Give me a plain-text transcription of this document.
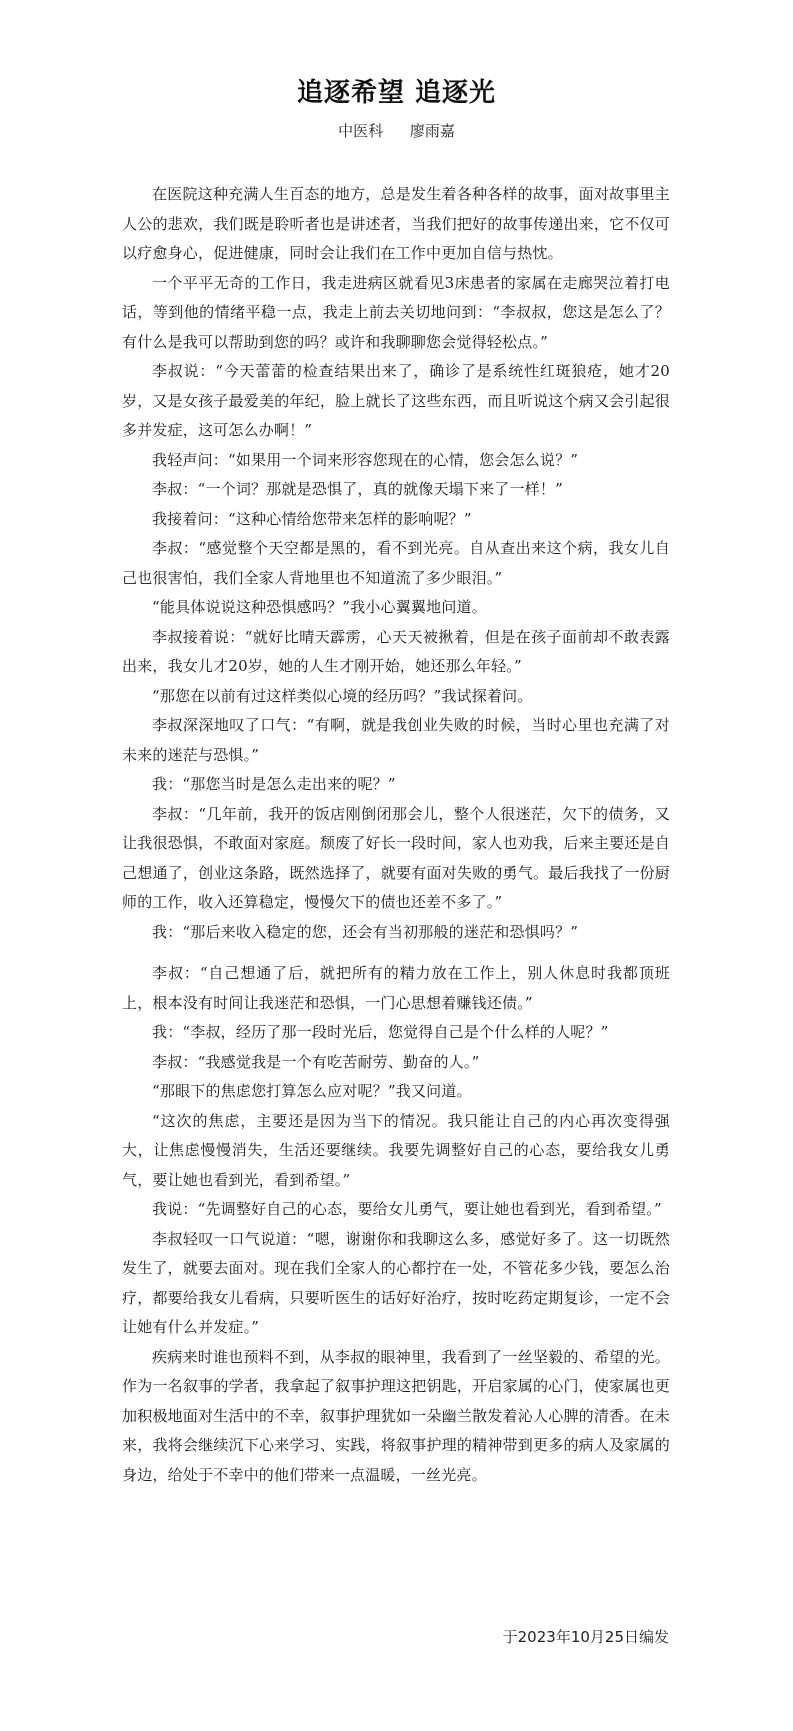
追逐希望 追逐光
中医科 廖雨嘉

在医院这种充满人生百态的地方，总是发生着各种各样的故事，面对故事里主人公的悲欢，我们既是聆听者也是讲述者，当我们把好的故事传递出来，它不仅可以疗愈身心，促进健康，同时会让我们在工作中更加自信与热忱。

一个平平无奇的工作日，我走进病区就看见3床患者的家属在走廊哭泣着打电话，等到他的情绪平稳一点，我走上前去关切地问到：“李叔叔，您这是怎么了？有什么是我可以帮助到您的吗？或许和我聊聊您会觉得轻松点。”

李叔说：“今天蕾蕾的检查结果出来了，确诊了是系统性红斑狼疮，她才20岁，又是女孩子最爱美的年纪，脸上就长了这些东西，而且听说这个病又会引起很多并发症，这可怎么办啊！”

我轻声问：“如果用一个词来形容您现在的心情，您会怎么说？”

李叔：“一个词？那就是恐惧了，真的就像天塌下来了一样！”

我接着问：“这种心情给您带来怎样的影响呢？”

李叔：“感觉整个天空都是黑的，看不到光亮。自从查出来这个病，我女儿自己也很害怕，我们全家人背地里也不知道流了多少眼泪。”

“能具体说说这种恐惧感吗？”我小心翼翼地问道。

李叔接着说：“就好比晴天霹雳，心天天被揪着，但是在孩子面前却不敢表露出来，我女儿才20岁，她的人生才刚开始，她还那么年轻。”

“那您在以前有过这样类似心境的经历吗？”我试探着问。

李叔深深地叹了口气：“有啊，就是我创业失败的时候，当时心里也充满了对未来的迷茫与恐惧。”

我：“那您当时是怎么走出来的呢？”

李叔：“几年前，我开的饭店刚倒闭那会儿，整个人很迷茫，欠下的债务，又让我很恐惧，不敢面对家庭。颓废了好长一段时间，家人也劝我，后来主要还是自己想通了，创业这条路，既然选择了，就要有面对失败的勇气。最后我找了一份厨师的工作，收入还算稳定，慢慢欠下的债也还差不多了。”

我：“那后来收入稳定的您，还会有当初那般的迷茫和恐惧吗？”

李叔：“自己想通了后，就把所有的精力放在工作上，别人休息时我都顶班上，根本没有时间让我迷茫和恐惧，一门心思想着赚钱还债。”

我：“李叔，经历了那一段时光后，您觉得自己是个什么样的人呢？”

李叔：“我感觉我是一个有吃苦耐劳、勤奋的人。”

“那眼下的焦虑您打算怎么应对呢？”我又问道。

“这次的焦虑，主要还是因为当下的情况。我只能让自己的内心再次变得强大，让焦虑慢慢消失，生活还要继续。我要先调整好自己的心态，要给我女儿勇气，要让她也看到光，看到希望。”

我说：“先调整好自己的心态，要给女儿勇气，要让她也看到光，看到希望。”

李叔轻叹一口气说道：“嗯，谢谢你和我聊这么多，感觉好多了。这一切既然发生了，就要去面对。现在我们全家人的心都拧在一处，不管花多少钱，要怎么治疗，都要给我女儿看病，只要听医生的话好好治疗，按时吃药定期复诊，一定不会让她有什么并发症。”

疾病来时谁也预料不到，从李叔的眼神里，我看到了一丝坚毅的、希望的光。作为一名叙事的学者，我拿起了叙事护理这把钥匙，开启家属的心门，使家属也更加积极地面对生活中的不幸，叙事护理犹如一朵幽兰散发着沁人心脾的清香。在未来，我将会继续沉下心来学习、实践，将叙事护理的精神带到更多的病人及家属的身边，给处于不幸中的他们带来一点温暖，一丝光亮。

于2023年10月25日编发
